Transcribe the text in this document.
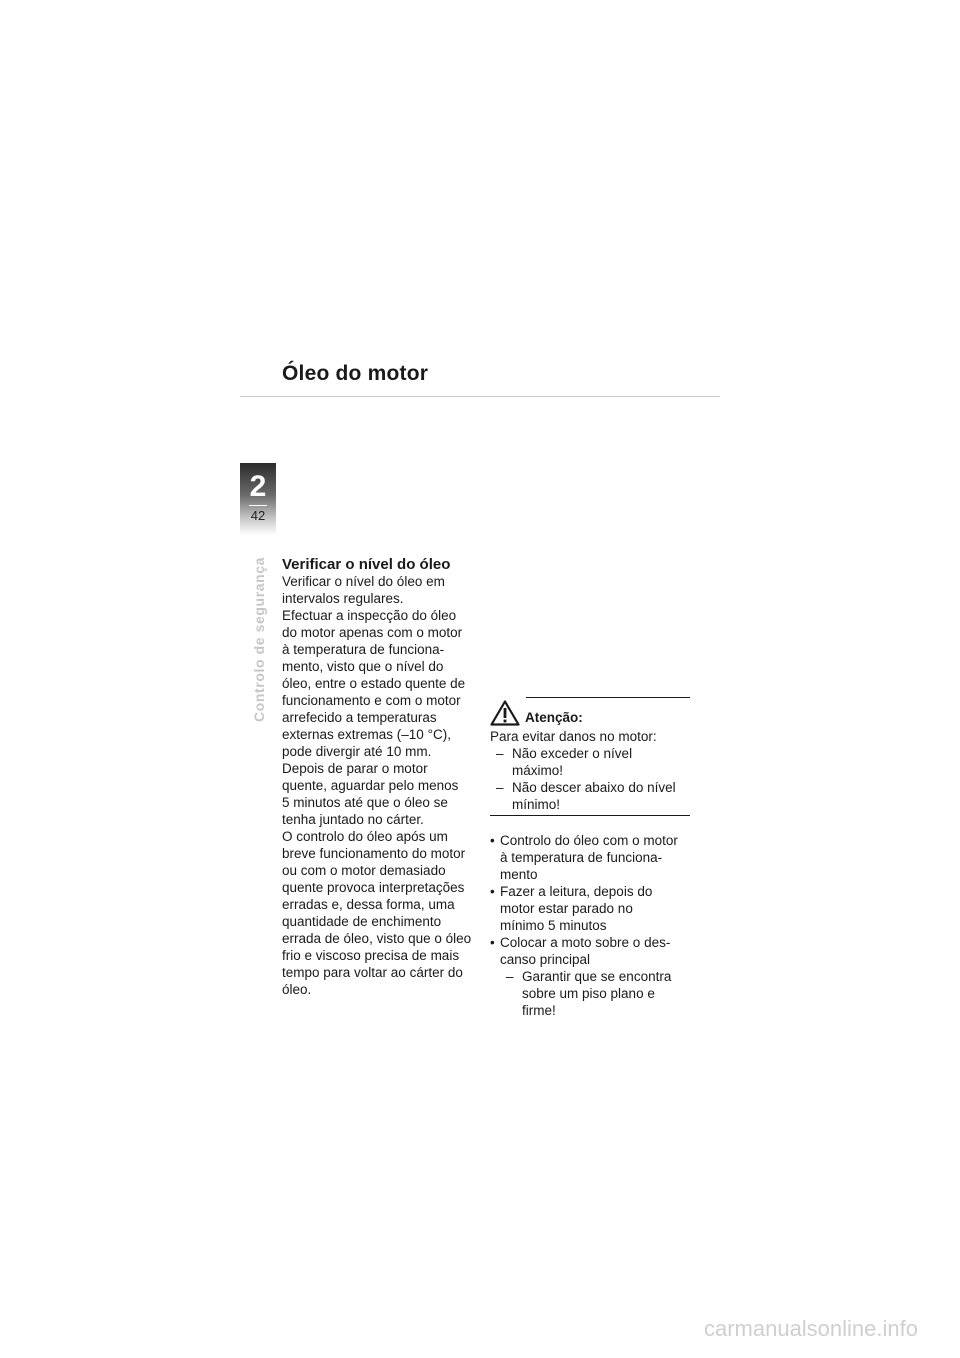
Óleo do motor
2
42
Controlo de segurança Verificar o nível do óleo

Verificar o nível do óleo em
intervalos regulares.
Efectuar a inspecção do óleo
do motor apenas com o motor
à temperatura de funciona-
mento, visto que o nível do
óleo, entre o estado quente de
funcionamento e com o motor
arrefecido a temperaturas
externas extremas (–10 °C),
pode divergir até 10 mm.
Depois de parar o motor
quente, aguardar pelo menos
5 minutos até que o óleo se
tenha juntado no cárter.
O controlo do óleo após um
breve funcionamento do motor
ou com o motor demasiado
quente provoca interpretações
erradas e, dessa forma, uma
quantidade de enchimento
errada de óleo, visto que o óleo
frio e viscoso precisa de mais
tempo para voltar ao cárter do
óleo.

Atenção:

Para evitar danos no motor:

– Não exceder o nível
máximo!
– Não descer abaixo do nível
mínimo!
• Controlo do óleo com o motor
à temperatura de funciona-
mento
• Fazer a leitura, depois do
motor estar parado no
mínimo 5 minutos
• Colocar a moto sobre o des-
canso principal
– Garantir que se encontra
sobre um piso plano e firme!
carmanualsonline.info
